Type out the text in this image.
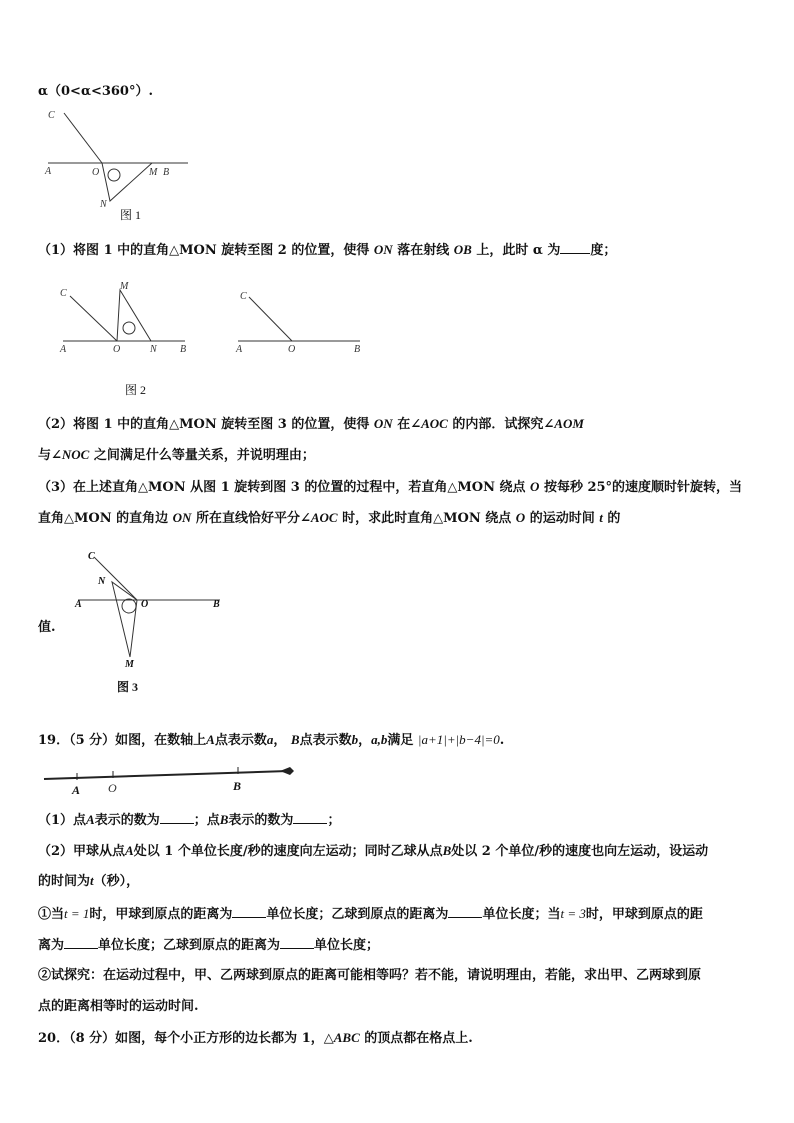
α（0<α<360°）.
C
A	O	M B
N
图 1
（1）将图 1 中的直角△MON 旋转至图 2 的位置，使得 ON 落在射线 OB 上，此时 α 为 度；
C
M
A	O	N B
C
A	O	B
图 2
（2）将图 1 中的直角△MON 旋转至图 3 的位置，使得 ON 在∠AOC 的内部．试探究∠AOM
与∠NOC 之间满足什么等量关系，并说明理由；
（3）在上述直角△MON 从图 1 旋转到图 3 的位置的过程中，若直角△MON 绕点 O 按每秒 25°的速度顺时针旋转，当
直角△MON 的直角边 ON 所在直线恰好平分∠AOC 时，求此时直角△MON 绕点 O 的运动时间 t 的
C
N
A	O	B
M
值.
图 3
19．（5 分）如图，在数轴上A点表示数a， B点表示数b，a,b满足 |a+1|+|b−4|=0.
A O	B
（1）点A表示的数为	；点B表示的数为	；
（2）甲球从点A处以 1 个单位长度/秒的速度向左运动；同时乙球从点B处以 2 个单位/秒的速度也向左运动，设运动
的时间为t（秒），
①当t = 1时，甲球到原点的距离为	单位长度；乙球到原点的距离为	单位长度；当t = 3时，甲球到原点的距
离为	单位长度；乙球到原点的距离为	单位长度；
②试探究：在运动过程中，甲、乙两球到原点的距离可能相等吗？若不能，请说明理由，若能，求出甲、乙两球到原
点的距离相等时的运动时间.
20．（8 分）如图，每个小正方形的边长都为 1，△ABC 的顶点都在格点上.
